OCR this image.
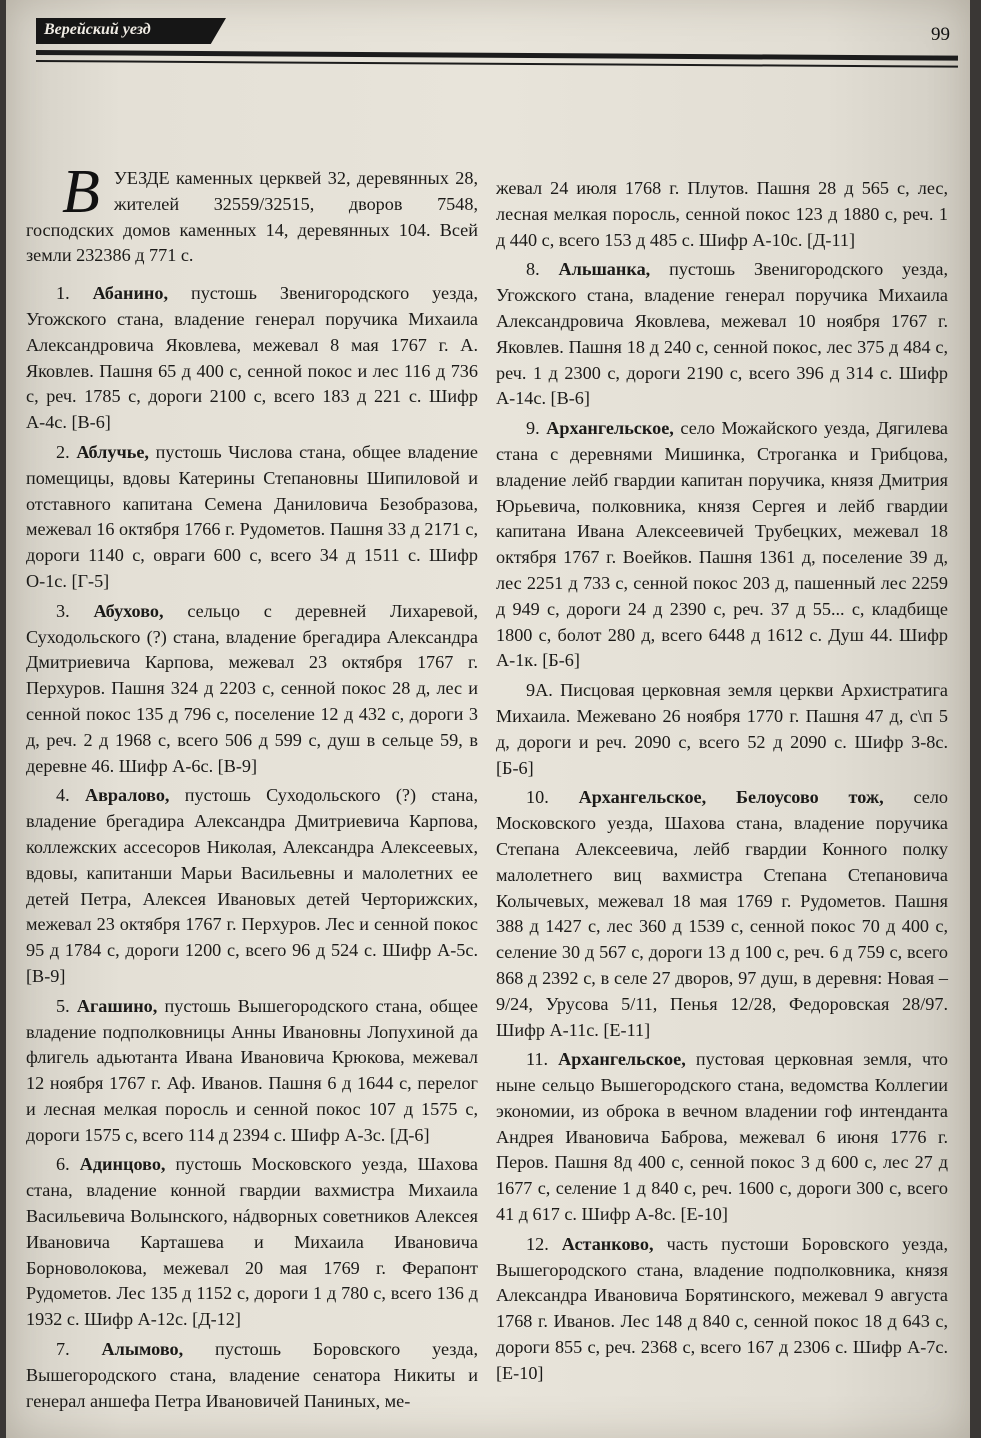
Верейский уезд	99
В УЕЗДЕ каменных церквей 32, деревянных 28, жителей 32559/32515, дворов 7548, господских домов каменных 14, деревянных 104. Всей земли 232386 д 771 с.

1. Абанино, пустошь Звенигородского уезда, Угожского стана, владение генерал поручика Михаила Александровича Яковлева, межевал 8 мая 1767 г. А. Яковлев. Пашня 65 д 400 с, сенной покос и лес 116 д 736 с, реч. 1785 с, дороги 2100 с, всего 183 д 221 с. Шифр А-4с. [В-6]

2. Аблучье, пустошь Числова стана, общее владение помещицы, вдовы Катерины Степановны Шипиловой и отставного капитана Семена Даниловича Безобразова, межевал 16 октября 1766 г. Рудометов. Пашня 33 д 2171 с, дороги 1140 с, овраги 600 с, всего 34 д 1511 с. Шифр О-1с. [Г-5]

3. Абухово, сельцо с деревней Лихаревой, Суходольского (?) стана, владение брегадира Александра Дмитриевича Карпова, межевал 23 октября 1767 г. Перхуров. Пашня 324 д 2203 с, сенной покос 28 д, лес и сенной покос 135 д 796 с, поселение 12 д 432 с, дороги 3 д, реч. 2 д 1968 с, всего 506 д 599 с, душ в сельце 59, в деревне 46. Шифр А-6с. [В-9]

4. Авралово, пустошь Суходольского (?) стана, владение брегадира Александра Дмитриевича Карпова, коллежских ассесоров Николая, Александра Алексеевых, вдовы, капитанши Марьи Васильевны и малолетних ее детей Петра, Алексея Ивановых детей Черторижских, межевал 23 октября 1767 г. Перхуров. Лес и сенной покос 95 д 1784 с, дороги 1200 с, всего 96 д 524 с. Шифр А-5с. [В-9]

5. Агашино, пустошь Вышегородского стана, общее владение подполковницы Анны Ивановны Лопухиной да флигель адьютанта Ивана Ивановича Крюкова, межевал 12 ноября 1767 г. Аф. Иванов. Пашня 6 д 1644 с, перелог и лесная мелкая поросль и сенной покос 107 д 1575 с, дороги 1575 с, всего 114 д 2394 с. Шифр А-3с. [Д-6]

6. Адинцово, пустошь Московского уезда, Шахова стана, владение конной гвардии вахмистра Михаила Васильевича Волынского, нáдворных советников Алексея Ивановича Карташева и Михаила Ивановича Борноволокова, межевал 20 мая 1769 г. Ферапонт Рудометов. Лес 135 д 1152 с, дороги 1 д 780 с, всего 136 д 1932 с. Шифр А-12с. [Д-12]

7. Алымово, пустошь Боровского уезда, Вышегородского стана, владение сенатора Никиты и генерал аншефа Петра Ивановичей Паниных, ме-

жевал 24 июля 1768 г. Плутов. Пашня 28 д 565 с, лес, лесная мелкая поросль, сенной покос 123 д 1880 с, реч. 1 д 440 с, всего 153 д 485 с. Шифр А-10с. [Д-11]

8. Альшанка, пустошь Звенигородского уезда, Угожского стана, владение генерал поручика Михаила Александровича Яковлева, межевал 10 ноября 1767 г. Яковлев. Пашня 18 д 240 с, сенной покос, лес 375 д 484 с, реч. 1 д 2300 с, дороги 2190 с, всего 396 д 314 с. Шифр А-14с. [В-6]

9. Архангельское, село Можайского уезда, Дягилева стана с деревнями Мишинка, Строганка и Грибцова, владение лейб гвардии капитан поручика, князя Дмитрия Юрьевича, полковника, князя Сергея и лейб гвардии капитана Ивана Алексеевичей Трубецких, межевал 18 октября 1767 г. Воейков. Пашня 1361 д, поселение 39 д, лес 2251 д 733 с, сенной покос 203 д, пашенный лес 2259 д 949 с, дороги 24 д 2390 с, реч. 37 д 55... с, кладбище 1800 с, болот 280 д, всего 6448 д 1612 с. Душ 44. Шифр А-1к. [Б-6]

9А. Писцовая церковная земля церкви Архистратига Михаила. Межевано 26 ноября 1770 г. Пашня 47 д, с\п 5 д, дороги и реч. 2090 с, всего 52 д 2090 с. Шифр З-8с. [Б-6]

10. Архангельское, Белоусово тож, село Московского уезда, Шахова стана, владение поручика Степана Алексеевича, лейб гвардии Конного полку малолетнего виц вахмистра Степана Степановича Колычевых, межевал 18 мая 1769 г. Рудометов. Пашня 388 д 1427 с, лес 360 д 1539 с, сенной покос 70 д 400 с, селение 30 д 567 с, дороги 13 д 100 с, реч. 6 д 759 с, всего 868 д 2392 с, в селе 27 дворов, 97 душ, в деревня: Новая –9/24, Урусова 5/11, Пенья 12/28, Федоровская 28/97. Шифр А-11с. [Е-11]

11. Архангельское, пустовая церковная земля, что ныне сельцо Вышегородского стана, ведомства Коллегии экономии, из оброка в вечном владении гоф интенданта Андрея Ивановича Баброва, межевал 6 июня 1776 г. Перов. Пашня 8д 400 с, сенной покос 3 д 600 с, лес 27 д 1677 с, селение 1 д 840 с, реч. 1600 с, дороги 300 с, всего 41 д 617 с. Шифр А-8с. [Е-10]

12. Астанково, часть пустоши Боровского уезда, Вышегородского стана, владение подполковника, князя Александра Ивановича Борятинского, межевал 9 августа 1768 г. Иванов. Лес 148 д 840 с, сенной покос 18 д 643 с, дороги 855 с, реч. 2368 с, всего 167 д 2306 с. Шифр А-7с. [Е-10]
